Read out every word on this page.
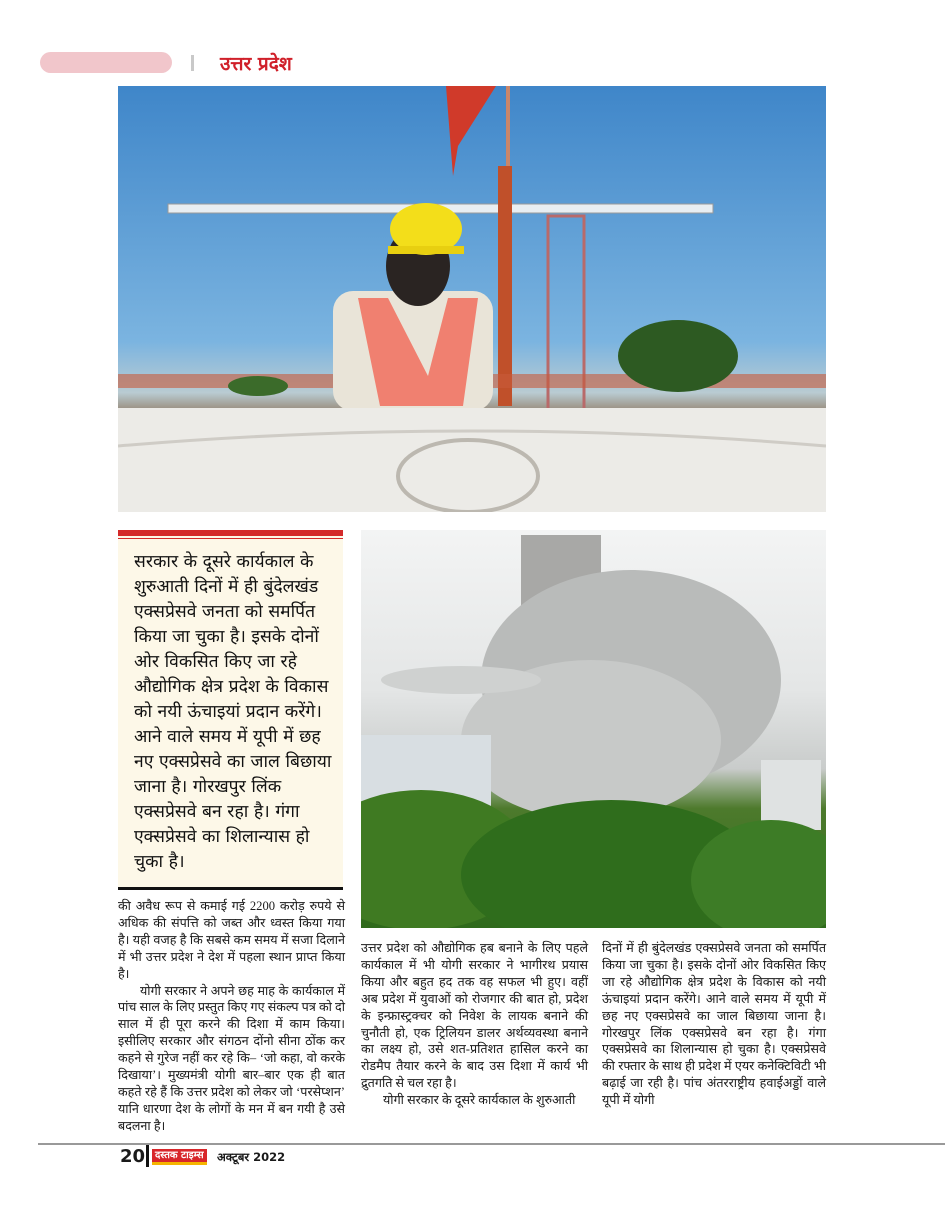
उत्तर प्रदेश
सरकार के दूसरे कार्यकाल के शुरुआती दिनों में ही बुंदेलखंड एक्सप्रेसवे जनता को समर्पित किया जा चुका है। इसके दोनों ओर विकसित किए जा रहे औद्योगिक क्षेत्र प्रदेश के विकास को नयी ऊंचाइयां प्रदान करेंगे। आने वाले समय में यूपी में छह नए एक्सप्रेसवे का जाल बिछाया जाना है। गोरखपुर लिंक एक्सप्रेसवे बन रहा है। गंगा एक्सप्रेसवे का शिलान्यास हो चुका है।

की अवैध रूप से कमाई गई 2200 करोड़ रुपये से अधिक की संपत्ति को जब्त और ध्वस्त किया गया है। यही वजह है कि सबसे कम समय में सजा दिलाने में भी उत्तर प्रदेश ने देश में पहला स्थान प्राप्त किया है।

योगी सरकार ने अपने छह माह के कार्यकाल में पांच साल के लिए प्रस्तुत किए गए संकल्प पत्र को दो साल में ही पूरा करने की दिशा में काम किया। इसीलिए सरकार और संगठन दोंनो सीना ठोंक कर कहने से गुरेज नहीं कर रहे कि– ‘जो कहा, वो करके दिखाया’। मुख्यमंत्री योगी बार–बार एक ही बात कहते रहे हैं कि उत्तर प्रदेश को लेकर जो ‘परसेप्शन’ यानि धारणा देश के लोगों के मन में बन गयी है उसे बदलना है।

उत्तर प्रदेश को औद्योगिक हब बनाने के लिए पहले कार्यकाल में भी योगी सरकार ने भागीरथ प्रयास किया और बहुत हद तक वह सफल भी हुए। वहीं अब प्रदेश में युवाओं को रोजगार की बात हो, प्रदेश के इन्फ्रास्ट्रक्चर को निवेश के लायक बनाने की चुनौती हो, एक ट्रिलियन डालर अर्थव्यवस्था बनाने का लक्ष्य हो, उसे शत-प्रतिशत हासिल करने का रोडमैप तैयार करने के बाद उस दिशा में कार्य भी द्रुतगति से चल रहा है।

योगी सरकार के दूसरे कार्यकाल के शुरुआती

दिनों में ही बुंदेलखंड एक्सप्रेसवे जनता को समर्पित किया जा चुका है। इसके दोनों ओर विकसित किए जा रहे औद्योगिक क्षेत्र प्रदेश के विकास को नयी ऊंचाइयां प्रदान करेंगे। आने वाले समय में यूपी में छह नए एक्सप्रेसवे का जाल बिछाया जाना है। गोरखपुर लिंक एक्सप्रेसवे बन रहा है। गंगा एक्सप्रेसवे का शिलान्यास हो चुका है। एक्सप्रेसवे की रफ्तार के साथ ही प्रदेश में एयर कनेक्टिविटी भी बढ़ाई जा रही है। पांच अंतरराष्ट्रीय हवाईअड्डों वाले यूपी में योगी

20 दस्तक टाइम्स अक्टूबर 2022
